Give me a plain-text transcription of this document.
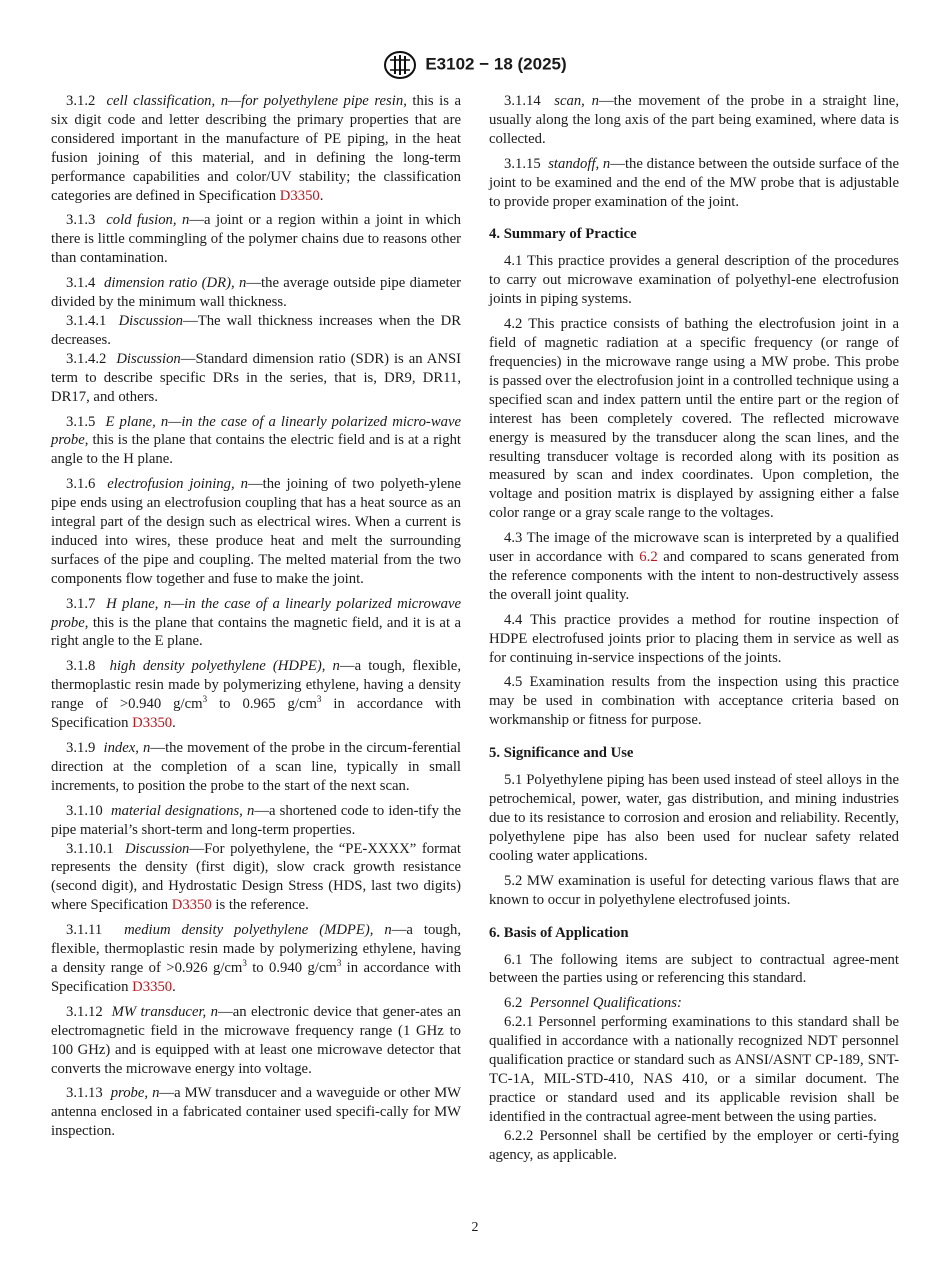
E3102 − 18 (2025)

3.1.2 cell classification, n—for polyethylene pipe resin, this is a six digit code and letter describing the primary properties that are considered important in the manufacture of PE piping, in the heat fusion joining of this material, and in defining the long-term performance capabilities and color/UV stability; the classification categories are defined in Specification D3350.

3.1.3 cold fusion, n—a joint or a region within a joint in which there is little commingling of the polymer chains due to reasons other than contamination.

3.1.4 dimension ratio (DR), n—the average outside pipe diameter divided by the minimum wall thickness.

3.1.4.1 Discussion—The wall thickness increases when the DR decreases.

3.1.4.2 Discussion—Standard dimension ratio (SDR) is an ANSI term to describe specific DRs in the series, that is, DR9, DR11, DR17, and others.

3.1.5 E plane, n—in the case of a linearly polarized micro-wave probe, this is the plane that contains the electric field and is at a right angle to the H plane.

3.1.6 electrofusion joining, n—the joining of two polyeth-ylene pipe ends using an electrofusion coupling that has a heat source as an integral part of the design such as electrical wires. When a current is induced into wires, these produce heat and melt the surrounding surfaces of the pipe and coupling. The melted material from the two components flow together and fuse to make the joint.

3.1.7 H plane, n—in the case of a linearly polarized microwave probe, this is the plane that contains the magnetic field, and it is at a right angle to the E plane.

3.1.8 high density polyethylene (HDPE), n—a tough, flexible, thermoplastic resin made by polymerizing ethylene, having a density range of >0.940 $g/cm^3$ to 0.965 $g/cm^3$ in accordance with Specification D3350.

3.1.9 index, n—the movement of the probe in the circum-ferential direction at the completion of a scan line, typically in small increments, to position the probe to the start of the next scan.

3.1.10 material designations, n—a shortened code to iden-tify the pipe material’s short-term and long-term properties.

3.1.10.1 Discussion—For polyethylene, the “PE-XXXX” format represents the density (first digit), slow crack growth resistance (second digit), and Hydrostatic Design Stress (HDS, last two digits) where Specification D3350 is the reference.

3.1.11 medium density polyethylene (MDPE), n—a tough, flexible, thermoplastic resin made by polymerizing ethylene, having a density range of >0.926 $g/cm^3$ to 0.940 $g/cm^3$ in accordance with Specification D3350.

3.1.12 MW transducer, n—an electronic device that gener-ates an electromagnetic field in the microwave frequency range (1 GHz to 100 GHz) and is equipped with at least one microwave detector that converts the microwave energy into voltage.

3.1.13 probe, n—a MW transducer and a waveguide or other MW antenna enclosed in a fabricated container used specifi-cally for MW inspection.

3.1.14 scan, n—the movement of the probe in a straight line, usually along the long axis of the part being examined, where data is collected.

3.1.15 standoff, n—the distance between the outside surface of the joint to be examined and the end of the MW probe that is adjustable to provide proper examination of the joint.

4. Summary of Practice

4.1 This practice provides a general description of the procedures to carry out microwave examination of polyethyl-ene electrofusion joints in piping systems.

4.2 This practice consists of bathing the electrofusion joint in a field of magnetic radiation at a specific frequency (or range of frequencies) in the microwave range using a MW probe. This probe is passed over the electrofusion joint in a controlled technique using a specified scan and index pattern until the entire part or the region of interest has been completely covered. The reflected microwave energy is measured by the transducer along the scan lines, and the resulting transducer voltage is recorded along with its position as measured by scan and index coordinates. Upon completion, the voltage and position matrix is displayed by assigning either a false color range or a gray scale range to the voltages.

4.3 The image of the microwave scan is interpreted by a qualified user in accordance with 6.2 and compared to scans generated from the reference components with the intent to non-destructively assess the overall joint quality.

4.4 This practice provides a method for routine inspection of HDPE electrofused joints prior to placing them in service as well as for continuing in-service inspections of the joints.

4.5 Examination results from the inspection using this practice may be used in combination with acceptance criteria based on workmanship or fitness for purpose.

5. Significance and Use

5.1 Polyethylene piping has been used instead of steel alloys in the petrochemical, power, water, gas distribution, and mining industries due to its resistance to corrosion and erosion and reliability. Recently, polyethylene pipe has also been used for nuclear safety related cooling water applications.

5.2 MW examination is useful for detecting various flaws that are known to occur in polyethylene electrofused joints.

6. Basis of Application

6.1 The following items are subject to contractual agree-ment between the parties using or referencing this standard.

6.2 Personnel Qualifications:

6.2.1 Personnel performing examinations to this standard shall be qualified in accordance with a nationally recognized NDT personnel qualification practice or standard such as ANSI/ASNT CP-189, SNT-TC-1A, MIL-STD-410, NAS 410, or a similar document. The practice or standard used and its applicable revision shall be identified in the contractual agree-ment between the using parties.

6.2.2 Personnel shall be certified by the employer or certi-fying agency, as applicable.

2
